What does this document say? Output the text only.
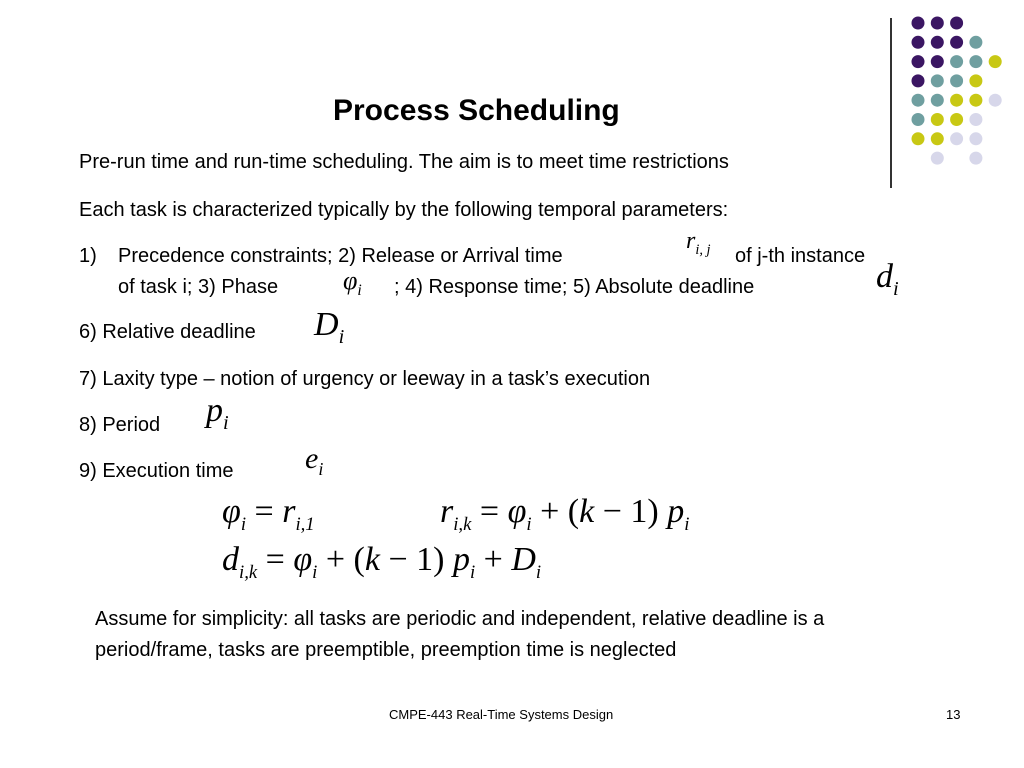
Process Scheduling
Pre-run time and run-time scheduling. The aim is to meet time restrictions
Each task is characterized typically by the following temporal parameters:
1) Precedence constraints; 2) Release or Arrival time
$r_{i, j}$ of j-th instance
of task i; 3) Phase $\varphi_i$ ; 4) Response time; 5) Absolute deadline	$d_i$
6) Relative deadline $D_i$
7) Laxity type – notion of urgency or leeway in a task’s execution
8) Period $p_i$
9) Execution time $e_i$
$\varphi_i = r_{i,1}$	$r_{i,k} = \varphi_i + (k - 1)$ $p_i$
$d_{i,k} = \varphi_i + (k - 1) p_i + D_i$
Assume for simplicity: all tasks are periodic and independent, relative deadline is a period/frame, tasks are preemptible, preemption time is neglected
CMPE-443 Real-Time Systems Design	13
